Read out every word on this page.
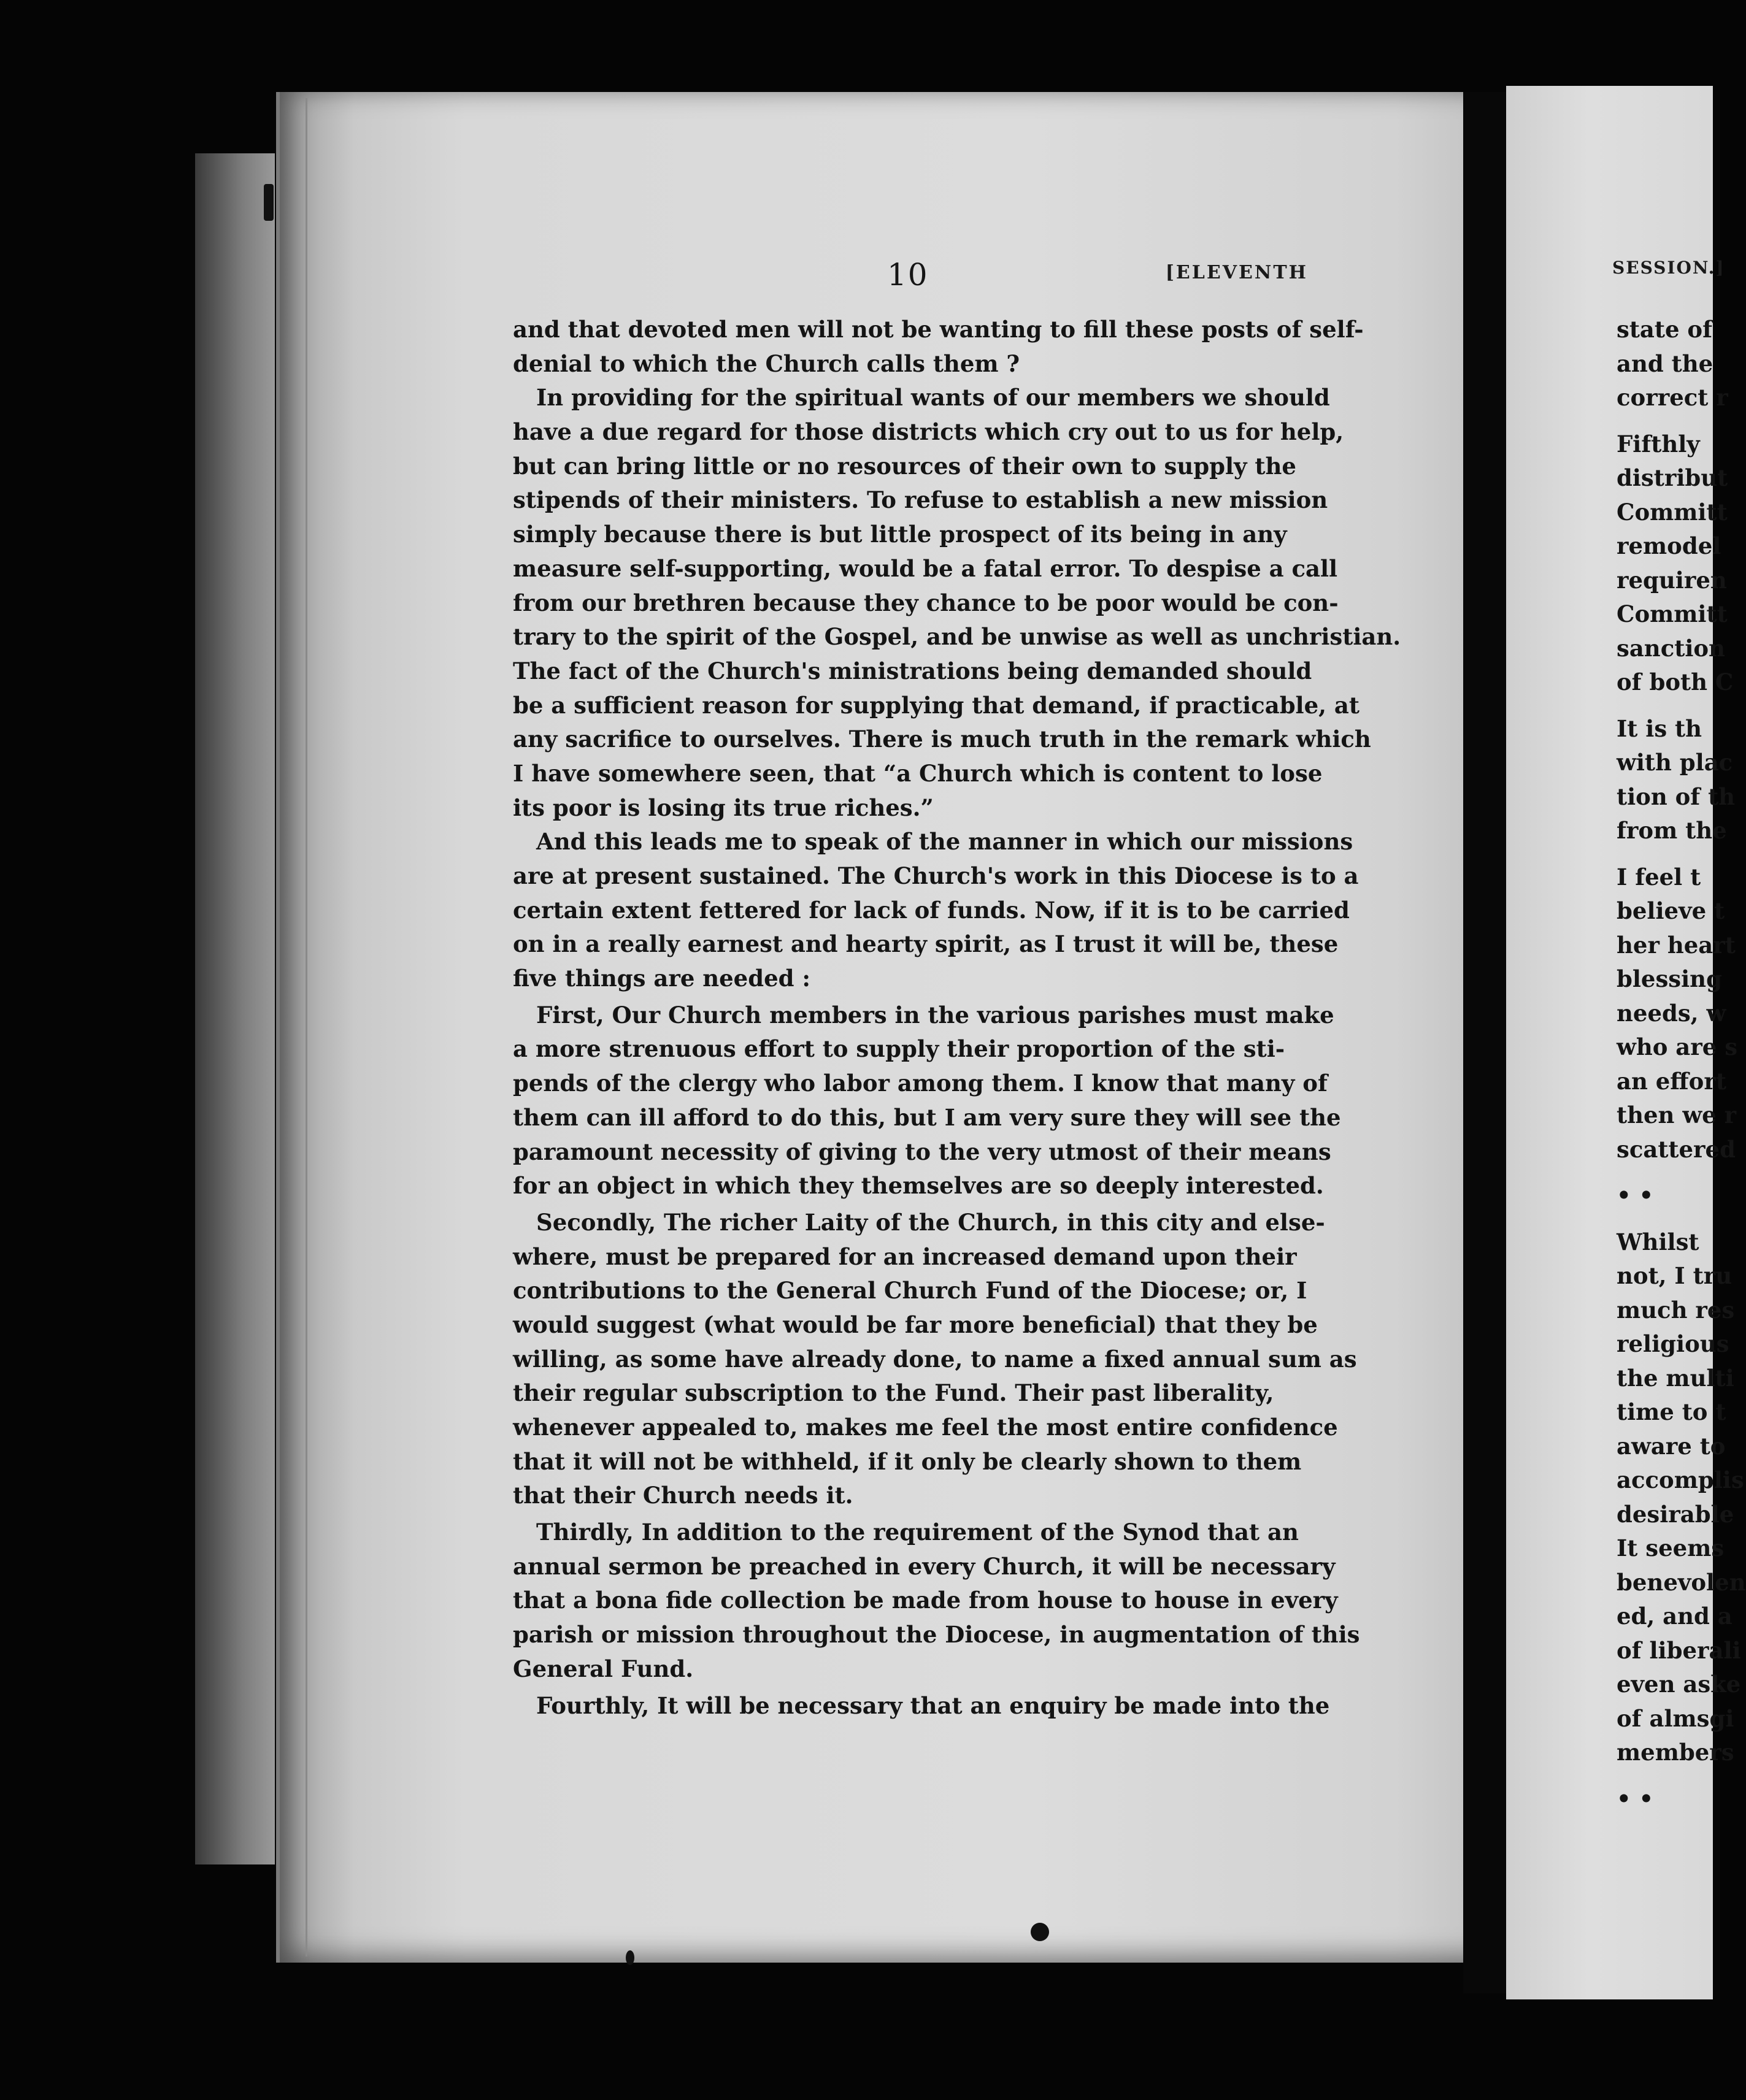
10	[ELEVENTH
and that devoted men will not be wanting to fill these posts of self-
denial to which the Church calls them ?
In providing for the spiritual wants of our members we should
have a due regard for those districts which cry out to us for help,
but can bring little or no resources of their own to supply the
stipends of their ministers. To refuse to establish a new mission
simply because there is but little prospect of its being in any
measure self-supporting, would be a fatal error. To despise a call
from our brethren because they chance to be poor would be con-
trary to the spirit of the Gospel, and be unwise as well as unchristian.
The fact of the Church's ministrations being demanded should
be a sufficient reason for supplying that demand, if practicable, at
any sacrifice to ourselves. There is much truth in the remark which
I have somewhere seen, that “a Church which is content to lose
its poor is losing its true riches.”
And this leads me to speak of the manner in which our missions
are at present sustained. The Church's work in this Diocese is to a
certain extent fettered for lack of funds. Now, if it is to be carried
on in a really earnest and hearty spirit, as I trust it will be, these
five things are needed :
First, Our Church members in the various parishes must make
a more strenuous effort to supply their proportion of the sti-
pends of the clergy who labor among them. I know that many of
them can ill afford to do this, but I am very sure they will see the
paramount necessity of giving to the very utmost of their means
for an object in which they themselves are so deeply interested.
Secondly, The richer Laity of the Church, in this city and else-
where, must be prepared for an increased demand upon their
contributions to the General Church Fund of the Diocese; or, I
would suggest (what would be far more beneficial) that they be
willing, as some have already done, to name a fixed annual sum as
their regular subscription to the Fund. Their past liberality,
whenever appealed to, makes me feel the most entire confidence
that it will not be withheld, if it only be clearly shown to them
that their Church needs it.
Thirdly, In addition to the requirement of the Synod that an
annual sermon be preached in every Church, it will be necessary
that a bona fide collection be made from house to house in every
parish or mission throughout the Diocese, in augmentation of this
General Fund.
Fourthly, It will be necessary that an enquiry be made into the
SESSION.]
state of
and the
correct r
Fifthly
distribut
Committ
remodel
requiren
Committ
sanction
of both C
It is th
with plac
tion of th
from the
I feel t
believe t
her heart
blessing
needs, w
who are s
an effort
then we r
scattered
• •
Whilst
not, I tru
much res
religious
the multi
time to t
aware to
accomplis
desirable
It seems
benevolen
ed, and a
of liberali
even aske
of almsgi
members
• •
